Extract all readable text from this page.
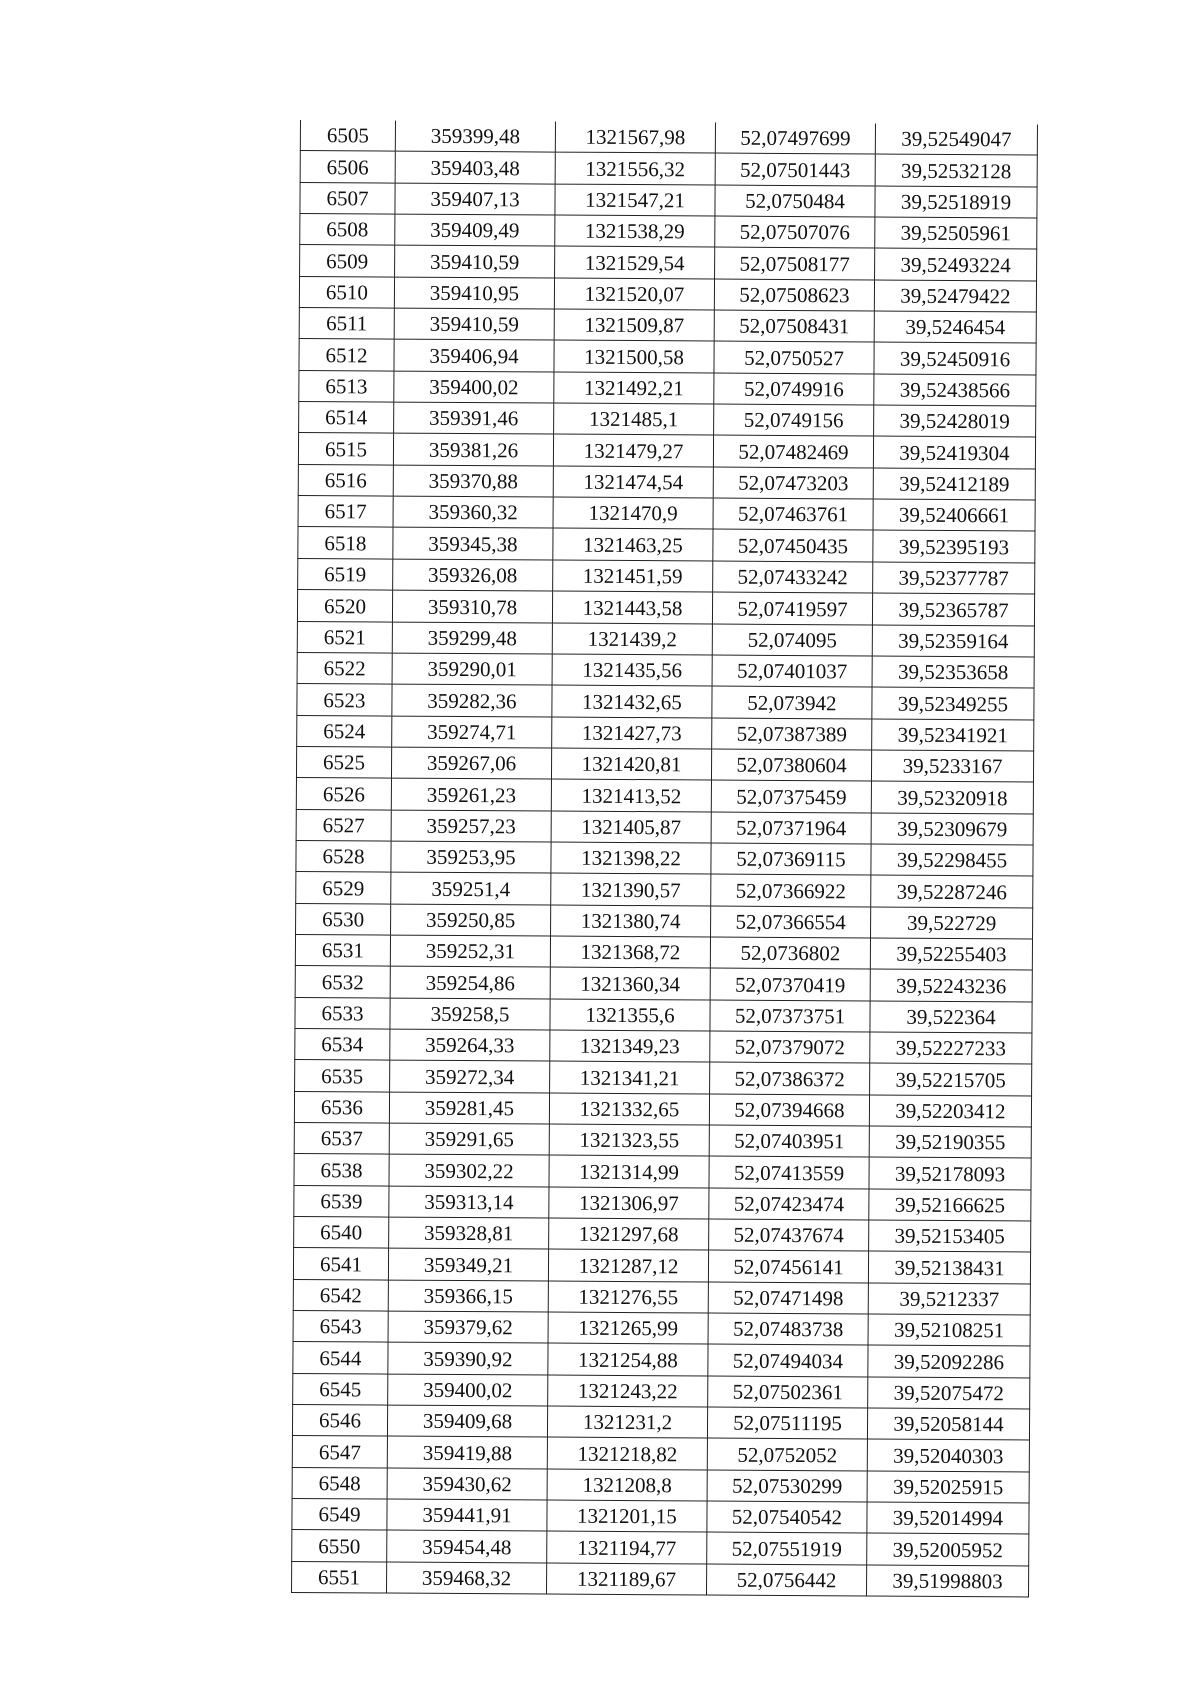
6505	359399,48	1321567,98	52,07497699	39,52549047
6506	359403,48	1321556,32	52,07501443	39,52532128
6507	359407,13	1321547,21	52,0750484	39,52518919
6508	359409,49	1321538,29	52,07507076	39,52505961
6509	359410,59	1321529,54	52,07508177	39,52493224
6510	359410,95	1321520,07	52,07508623	39,52479422
6511	359410,59	1321509,87	52,07508431	39,5246454
6512	359406,94	1321500,58	52,0750527	39,52450916
6513	359400,02	1321492,21	52,0749916	39,52438566
6514	359391,46	1321485,1	52,0749156	39,52428019
6515	359381,26	1321479,27	52,07482469	39,52419304
6516	359370,88	1321474,54	52,07473203	39,52412189
6517	359360,32	1321470,9	52,07463761	39,52406661
6518	359345,38	1321463,25	52,07450435	39,52395193
6519	359326,08	1321451,59	52,07433242	39,52377787
6520	359310,78	1321443,58	52,07419597	39,52365787
6521	359299,48	1321439,2	52,074095	39,52359164
6522	359290,01	1321435,56	52,07401037	39,52353658
6523	359282,36	1321432,65	52,073942	39,52349255
6524	359274,71	1321427,73	52,07387389	39,52341921
6525	359267,06	1321420,81	52,07380604	39,5233167
6526	359261,23	1321413,52	52,07375459	39,52320918
6527	359257,23	1321405,87	52,07371964	39,52309679
6528	359253,95	1321398,22	52,07369115	39,52298455
6529	359251,4	1321390,57	52,07366922	39,52287246
6530	359250,85	1321380,74	52,07366554	39,522729
6531	359252,31	1321368,72	52,0736802	39,52255403
6532	359254,86	1321360,34	52,07370419	39,52243236
6533	359258,5	1321355,6	52,07373751	39,522364
6534	359264,33	1321349,23	52,07379072	39,52227233
6535	359272,34	1321341,21	52,07386372	39,52215705
6536	359281,45	1321332,65	52,07394668	39,52203412
6537	359291,65	1321323,55	52,07403951	39,52190355
6538	359302,22	1321314,99	52,07413559	39,52178093
6539	359313,14	1321306,97	52,07423474	39,52166625
6540	359328,81	1321297,68	52,07437674	39,52153405
6541	359349,21	1321287,12	52,07456141	39,52138431
6542	359366,15	1321276,55	52,07471498	39,5212337
6543	359379,62	1321265,99	52,07483738	39,52108251
6544	359390,92	1321254,88	52,07494034	39,52092286
6545	359400,02	1321243,22	52,07502361	39,52075472
6546	359409,68	1321231,2	52,07511195	39,52058144
6547	359419,88	1321218,82	52,0752052	39,52040303
6548	359430,62	1321208,8	52,07530299	39,52025915
6549	359441,91	1321201,15	52,07540542	39,52014994
6550	359454,48	1321194,77	52,07551919	39,52005952
6551	359468,32	1321189,67	52,0756442	39,51998803
